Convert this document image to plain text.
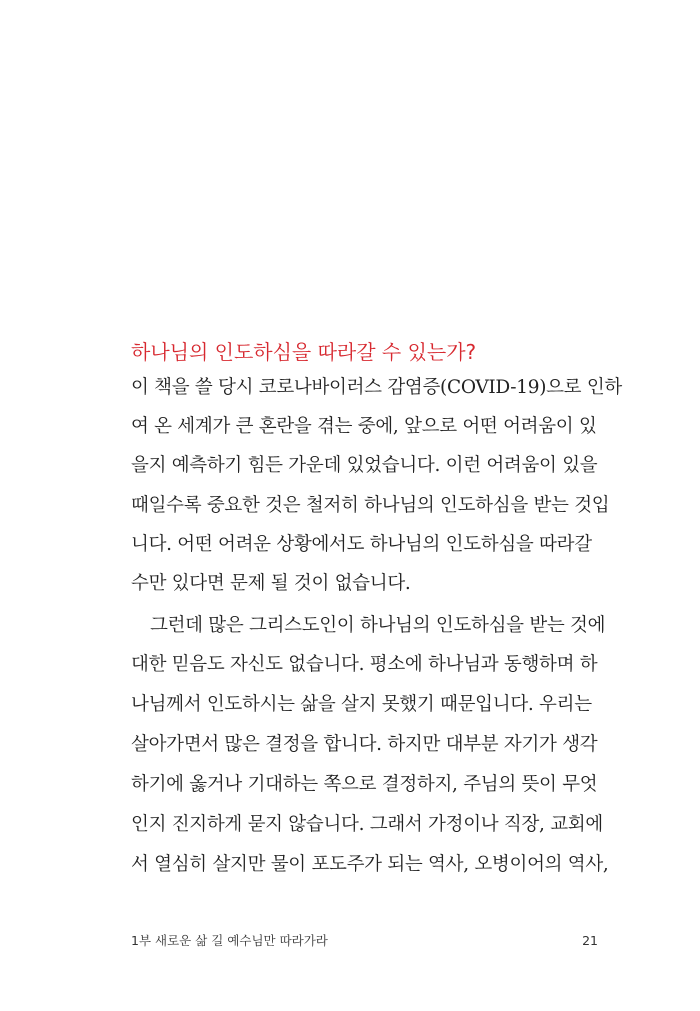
하나님의 인도하심을 따라갈 수 있는가?
이 책을 쓸 당시 코로나바이러스 감염증(COVID-19)으로 인하
여 온 세계가 큰 혼란을 겪는 중에, 앞으로 어떤 어려움이 있
을지 예측하기 힘든 가운데 있었습니다. 이런 어려움이 있을
때일수록 중요한 것은 철저히 하나님의 인도하심을 받는 것입
니다. 어떤 어려운 상황에서도 하나님의 인도하심을 따라갈
수만 있다면 문제 될 것이 없습니다.
그런데 많은 그리스도인이 하나님의 인도하심을 받는 것에
대한 믿음도 자신도 없습니다. 평소에 하나님과 동행하며 하
나님께서 인도하시는 삶을 살지 못했기 때문입니다. 우리는
살아가면서 많은 결정을 합니다. 하지만 대부분 자기가 생각
하기에 옳거나 기대하는 쪽으로 결정하지, 주님의 뜻이 무엇
인지 진지하게 묻지 않습니다. 그래서 가정이나 직장, 교회에
서 열심히 살지만 물이 포도주가 되는 역사, 오병이어의 역사,
1부 새로운 삶 길 예수님만 따라가라	21
